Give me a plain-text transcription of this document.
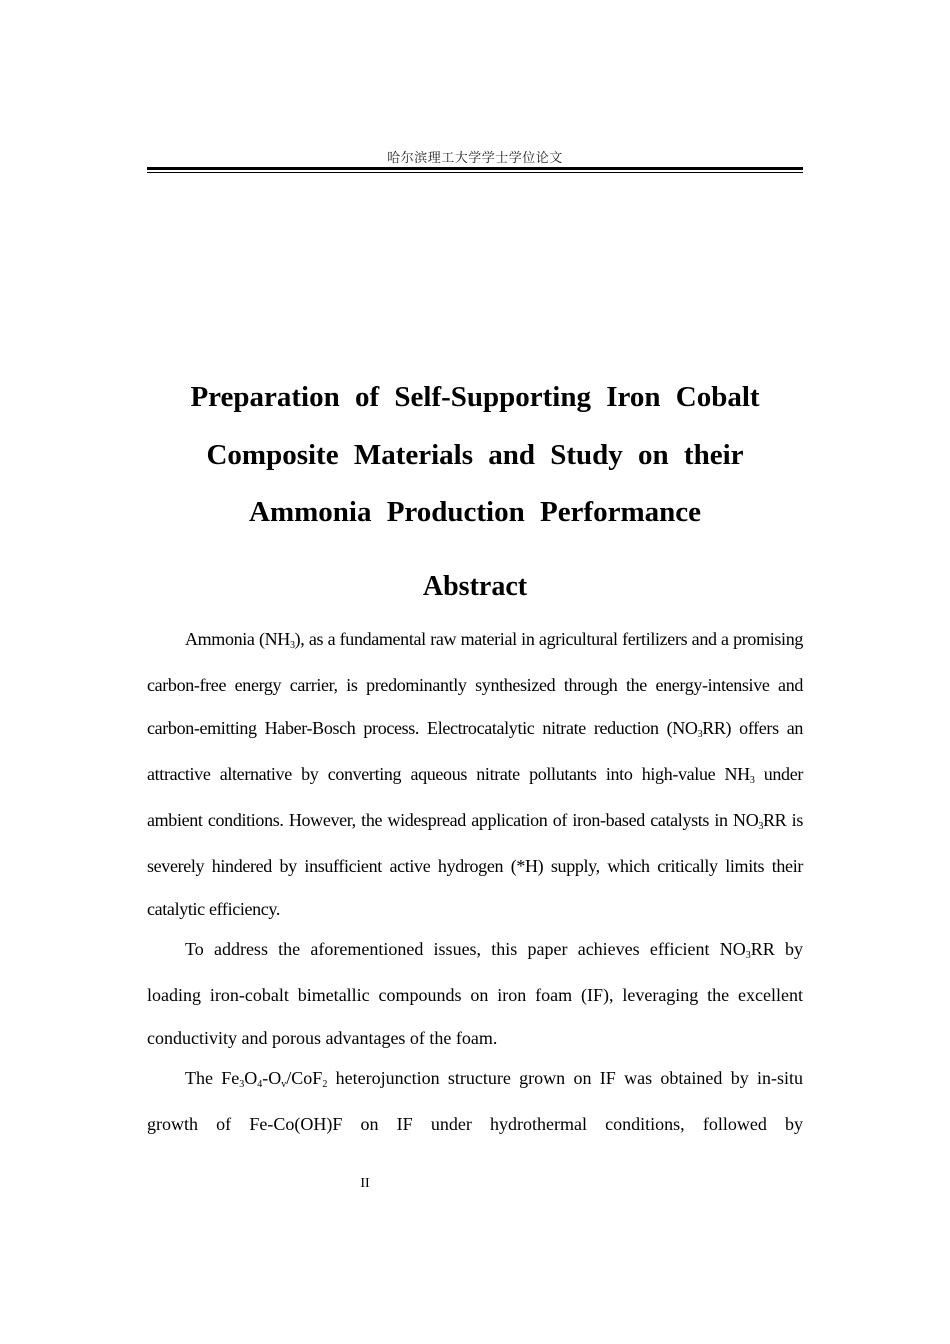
哈尔滨理工大学学士学位论文
Preparation of Self-Supporting Iron Cobalt
Composite Materials and Study on their
Ammonia Production Performance
Abstract

Ammonia $(NH_3)$, as a fundamental raw material in agricultural fertilizers and a promising carbon-free energy carrier, is predominantly synthesized through the energy-intensive and carbon-emitting Haber-Bosch process. Electrocatalytic nitrate reduction $(NO_3RR)$ offers an attractive alternative by converting aqueous nitrate pollutants into high-value $NH_3$ under ambient conditions. However, the widespread application of iron-based catalysts in $NO_3RR$ is severely hindered by insufficient active hydrogen (*H) supply, which critically limits their catalytic efficiency.

To address the aforementioned issues, this paper achieves efficient $NO_3RR$ by loading iron-cobalt bimetallic compounds on iron foam (IF), leveraging the excellent conductivity and porous advantages of the foam.

The $Fe_3O_4-O_v/CoF_2$ heterojunction structure grown on IF was obtained by in-situ growth of Fe-Co(OH)F on IF under hydrothermal conditions, followed by

II
